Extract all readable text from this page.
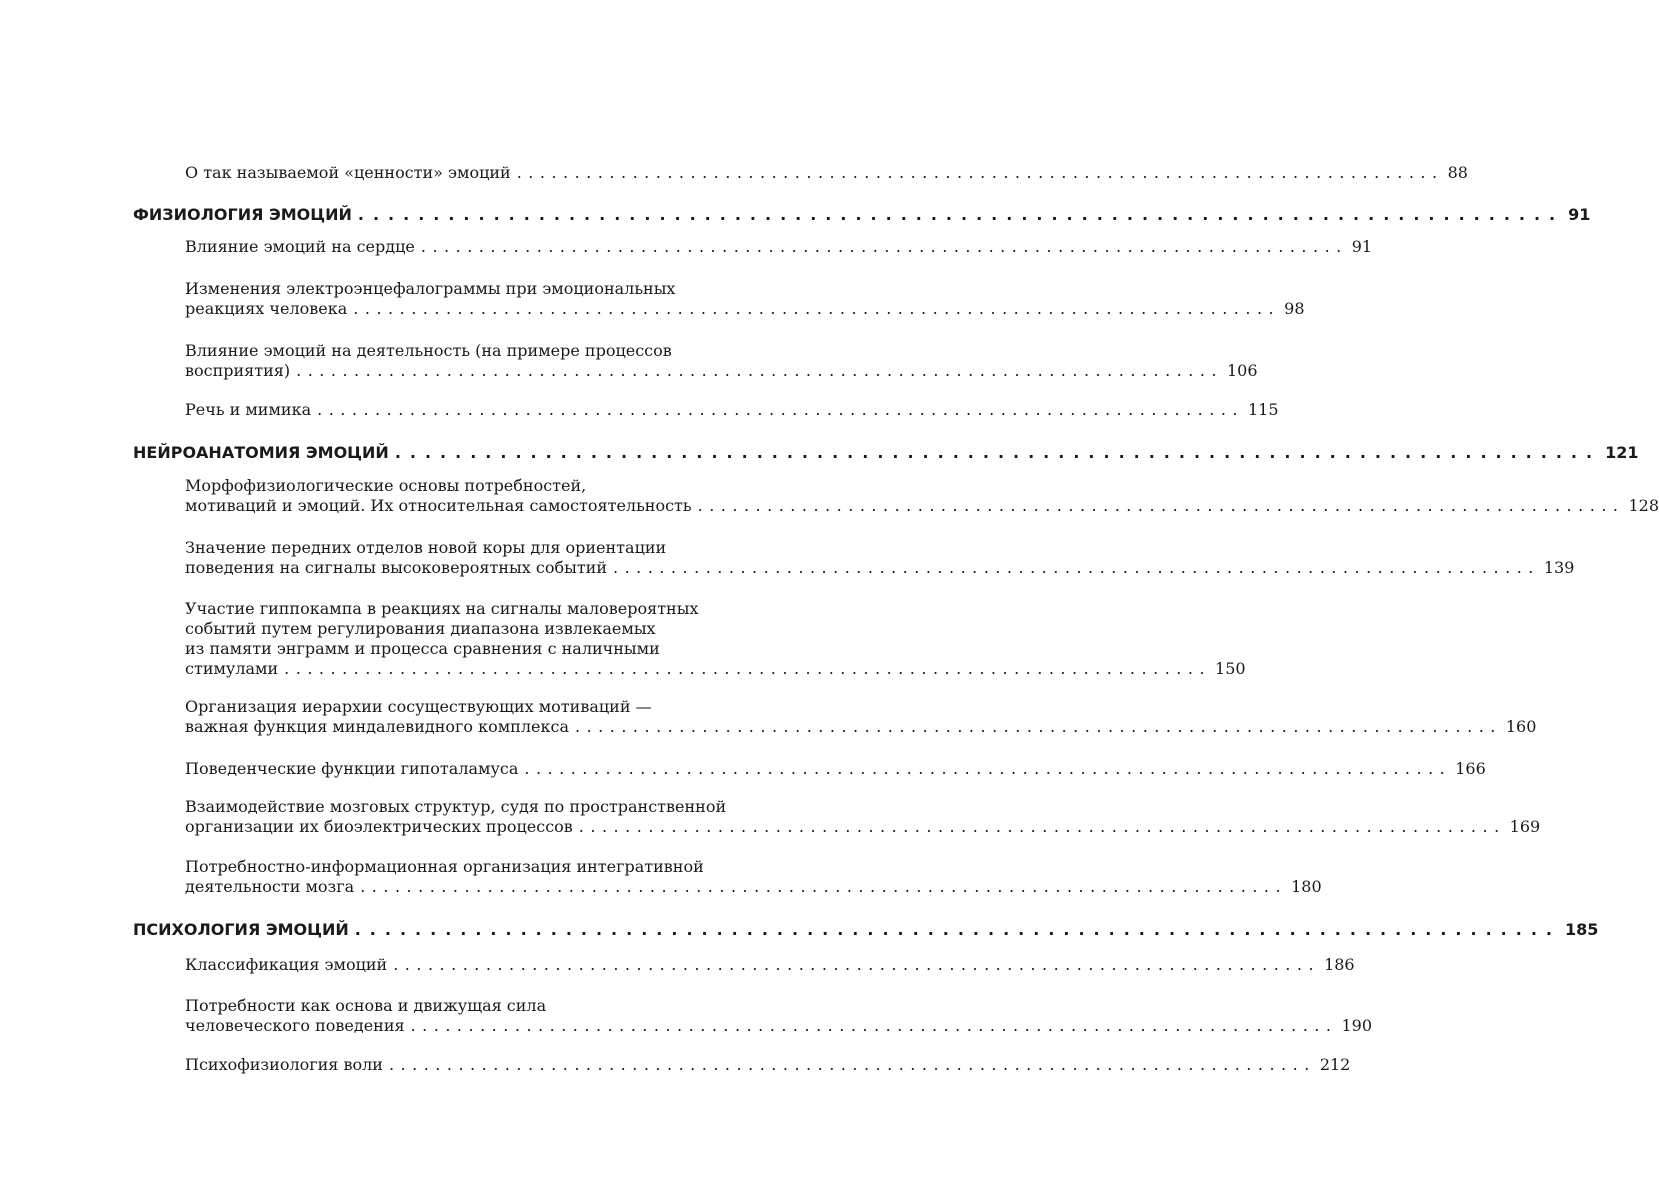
О так называемой «ценности» эмоций ................................................................................ 88
ФИЗИОЛОГИЯ ЭМОЦИЙ ................................................................................ 91
Влияние эмоций на сердце ................................................................................ 91
Изменения электроэнцефалограммы при эмоциональных
реакциях человека ................................................................................ 98
Влияние эмоций на деятельность (на примере процессов
восприятия) ................................................................................ 106
Речь и мимика ................................................................................ 115
НЕЙРОАНАТОМИЯ ЭМОЦИЙ ................................................................................ 121
Морфофизиологические основы потребностей,
мотиваций и эмоций. Их относительная самостоятельность ................................................................................ 128
Значение передних отделов новой коры для ориентации
поведения на сигналы высоковероятных событий ................................................................................ 139
Участие гиппокампа в реакциях на сигналы маловероятных
событий путем регулирования диапазона извлекаемых
из памяти энграмм и процесса сравнения с наличными
стимулами ................................................................................ 150
Организация иерархии сосуществующих мотиваций —
важная функция миндалевидного комплекса ................................................................................ 160
Поведенческие функции гипоталамуса ................................................................................ 166
Взаимодействие мозговых структур, судя по пространственной
организации их биоэлектрических процессов ................................................................................ 169
Потребностно-информационная организация интегративной
деятельности мозга ................................................................................ 180
ПСИХОЛОГИЯ ЭМОЦИЙ ................................................................................ 185
Классификация эмоций ................................................................................ 186
Потребности как основа и движущая сила
человеческого поведения ................................................................................ 190
Психофизиология воли ................................................................................ 212
